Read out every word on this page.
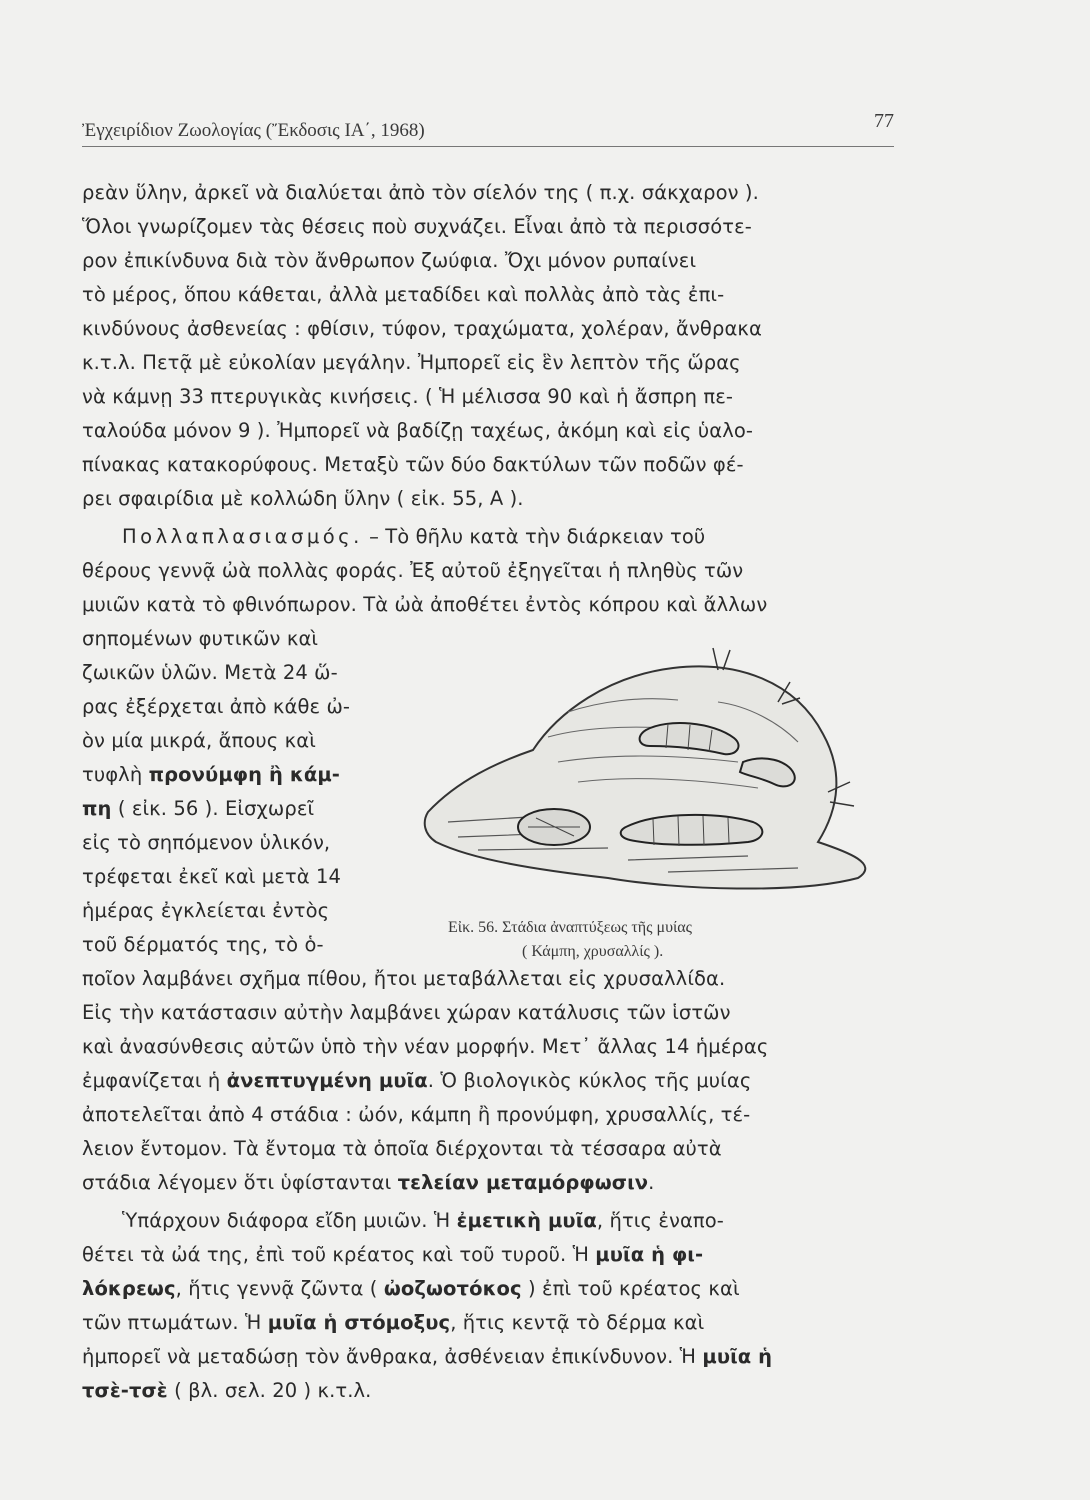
Ἐγχειρίδιον Ζωολογίας (Ἔκδοσις ΙΑ΄, 1968)	77
ρεὰν ὕλην, ἀρκεῖ νὰ διαλύεται ἀπὸ τὸν σίελόν της ( π.χ. σάκχαρον ).
Ὅλοι γνωρίζομεν τὰς θέσεις ποὺ συχνάζει. Εἶναι ἀπὸ τὰ περισσότε-
ρον ἐπικίνδυνα διὰ τὸν ἄνθρωπον ζωύφια. Ὄχι μόνον ρυπαίνει
τὸ μέρος, ὅπου κάθεται, ἀλλὰ μεταδίδει καὶ πολλὰς ἀπὸ τὰς ἐπι-
κινδύνους ἀσθενείας : φθίσιν, τύφον, τραχώματα, χολέραν, ἄνθρακα
κ.τ.λ. Πετᾷ μὲ εὐκολίαν μεγάλην. Ἠμπορεῖ εἰς ἓν λεπτὸν τῆς ὥρας
νὰ κάμνῃ 33 πτερυγικὰς κινήσεις. ( Ἡ μέλισσα 90 καὶ ἡ ἄσπρη πε-
ταλούδα μόνον 9 ). Ἠμπορεῖ νὰ βαδίζῃ ταχέως, ἀκόμη καὶ εἰς ὑαλο-
πίνακας κατακορύφους. Μεταξὺ τῶν δύο δακτύλων τῶν ποδῶν φέ-
ρει σφαιρίδια μὲ κολλώδη ὕλην ( εἰκ. 55, Α ).
Πολλαπλασιασμός. – Τὸ θῆλυ κατὰ τὴν διάρκειαν τοῦ
θέρους γεννᾷ ὠὰ πολλὰς φοράς. Ἐξ αὐτοῦ ἐξηγεῖται ἡ πληθὺς τῶν
μυιῶν κατὰ τὸ φθινόπωρον. Τὰ ὠὰ ἀποθέτει ἐντὸς κόπρου καὶ ἄλλων
σηπομένων φυτικῶν καὶ
ζωικῶν ὑλῶν. Μετὰ 24 ὥ-
ρας ἐξέρχεται ἀπὸ κάθε ὠ-
ὸν μία μικρά, ἄπους καὶ
τυφλὴ προνύμφη ἢ κάμ-
πη ( εἰκ. 56 ). Εἰσχωρεῖ
εἰς τὸ σηπόμενον ὑλικόν,
τρέφεται ἐκεῖ καὶ μετὰ 14
ἡμέρας ἐγκλείεται ἐντὸς
τοῦ δέρματός της, τὸ ὁ-
Εἰκ. 56. Στάδια ἀναπτύξεως τῆς μυίας
( Κάμπη, χρυσαλλίς ).
ποῖον λαμβάνει σχῆμα πίθου, ἤτοι μεταβάλλεται εἰς χρυσαλλίδα.
Εἰς τὴν κατάστασιν αὐτὴν λαμβάνει χώραν κατάλυσις τῶν ἱστῶν
καὶ ἀνασύνθεσις αὐτῶν ὑπὸ τὴν νέαν μορφήν. Μετ᾽ ἄλλας 14 ἡμέρας
ἐμφανίζεται ἡ ἀνεπτυγμένη μυῖα. Ὁ βιολογικὸς κύκλος τῆς μυίας
ἀποτελεῖται ἀπὸ 4 στάδια : ὠόν, κάμπη ἢ προνύμφη, χρυσαλλίς, τέ-
λειον ἔντομον. Τὰ ἔντομα τὰ ὁποῖα διέρχονται τὰ τέσσαρα αὐτὰ
στάδια λέγομεν ὅτι ὑφίστανται τελείαν μεταμόρφωσιν.
Ὑπάρχουν διάφορα εἴδη μυιῶν. Ἡ ἐμετικὴ μυῖα, ἥτις ἐναπο-
θέτει τὰ ὠά της, ἐπὶ τοῦ κρέατος καὶ τοῦ τυροῦ. Ἡ μυῖα ἡ φι-
λόκρεως, ἥτις γεννᾷ ζῶντα ( ὠοζωοτόκος ) ἐπὶ τοῦ κρέατος καὶ
τῶν πτωμάτων. Ἡ μυῖα ἡ στόμοξυς, ἥτις κεντᾷ τὸ δέρμα καὶ
ἠμπορεῖ νὰ μεταδώσῃ τὸν ἄνθρακα, ἀσθένειαν ἐπικίνδυνον. Ἡ μυῖα ἡ
τσὲ-τσὲ ( βλ. σελ. 20 ) κ.τ.λ.
